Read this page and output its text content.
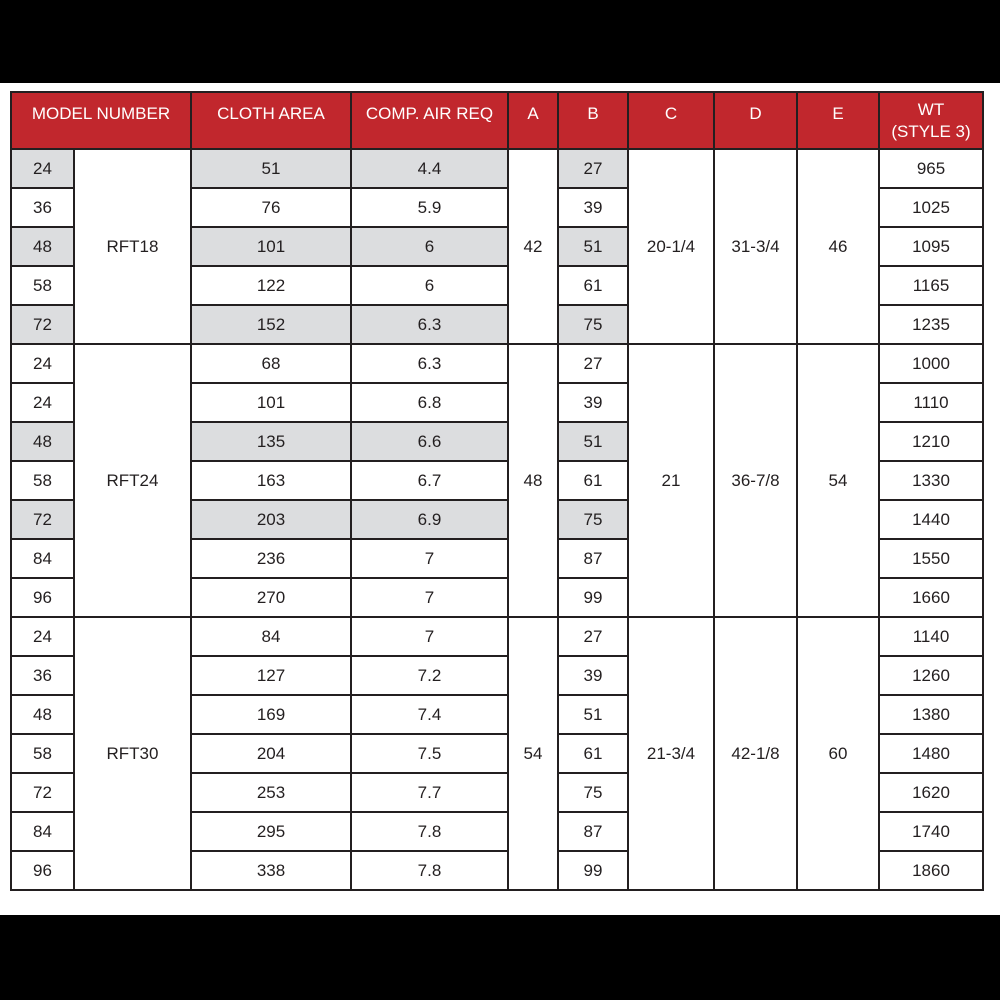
MODEL NUMBER		CLOTH AREA	COMP. AIR REQ	A	B	C	D	E	WT
(STYLE 3)
24	RFT18	51	4.4	42	27	20-1/4	31-3/4	46	965
36		76	5.9		39				1025
48		101	6		51				1095
58		122	6		61				1165
72		152	6.3		75				1235
24	RFT24	68	6.3	48	27	21	36-7/8	54	1000
24		101	6.8		39				1110
48		135	6.6		51				1210
58		163	6.7		61				1330
72		203	6.9		75				1440
84		236	7		87				1550
96		270	7		99				1660
24	RFT30	84	7	54	27	21-3/4	42-1/8	60	1140
36		127	7.2		39				1260
48		169	7.4		51				1380
58		204	7.5		61				1480
72		253	7.7		75				1620
84		295	7.8		87				1740
96		338	7.8		99				1860
